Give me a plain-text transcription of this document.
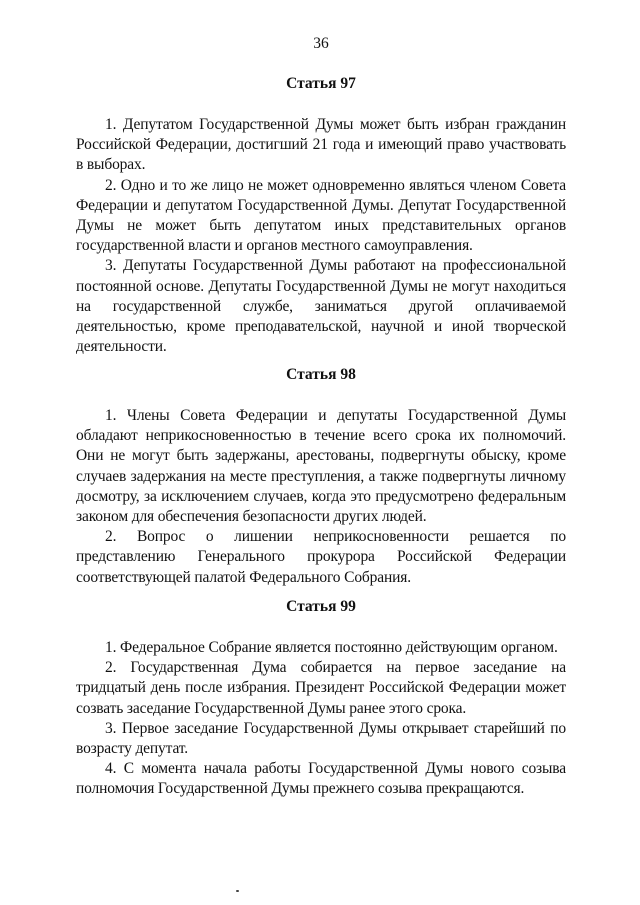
36
Статья 97

1. Депутатом Государственной Думы может быть избран гражданин Российской Федерации, достигший 21 года и имеющий право участвовать в выборах.

2. Одно и то же лицо не может одновременно являться членом Совета Федерации и депутатом Государственной Думы. Депутат Государственной Думы не может быть депутатом иных представительных органов государственной власти и органов местного самоуправления.

3. Депутаты Государственной Думы работают на профессиональной постоянной основе. Депутаты Государственной Думы не могут находиться на государственной службе, заниматься другой оплачиваемой деятельностью, кроме преподавательской, научной и иной творческой деятельности.

Статья 98

1. Члены Совета Федерации и депутаты Государственной Думы обладают неприкосновенностью в течение всего срока их полномочий. Они не могут быть задержаны, арестованы, подвергнуты обыску, кроме случаев задержания на месте преступления, а также подвергнуты личному досмотру, за исключением случаев, когда это предусмотрено федеральным законом для обеспечения безопасности других людей.

2. Вопрос о лишении неприкосновенности решается по представлению Генерального прокурора Российской Федерации соответствующей палатой Федерального Собрания.

Статья 99

1. Федеральное Собрание является постоянно действующим органом.

2. Государственная Дума собирается на первое заседание на тридцатый день после избрания. Президент Российской Федерации может созвать заседание Государственной Думы ранее этого срока.

3. Первое заседание Государственной Думы открывает старейший по возрасту депутат.

4. С момента начала работы Государственной Думы нового созыва полномочия Государственной Думы прежнего созыва прекращаются.
